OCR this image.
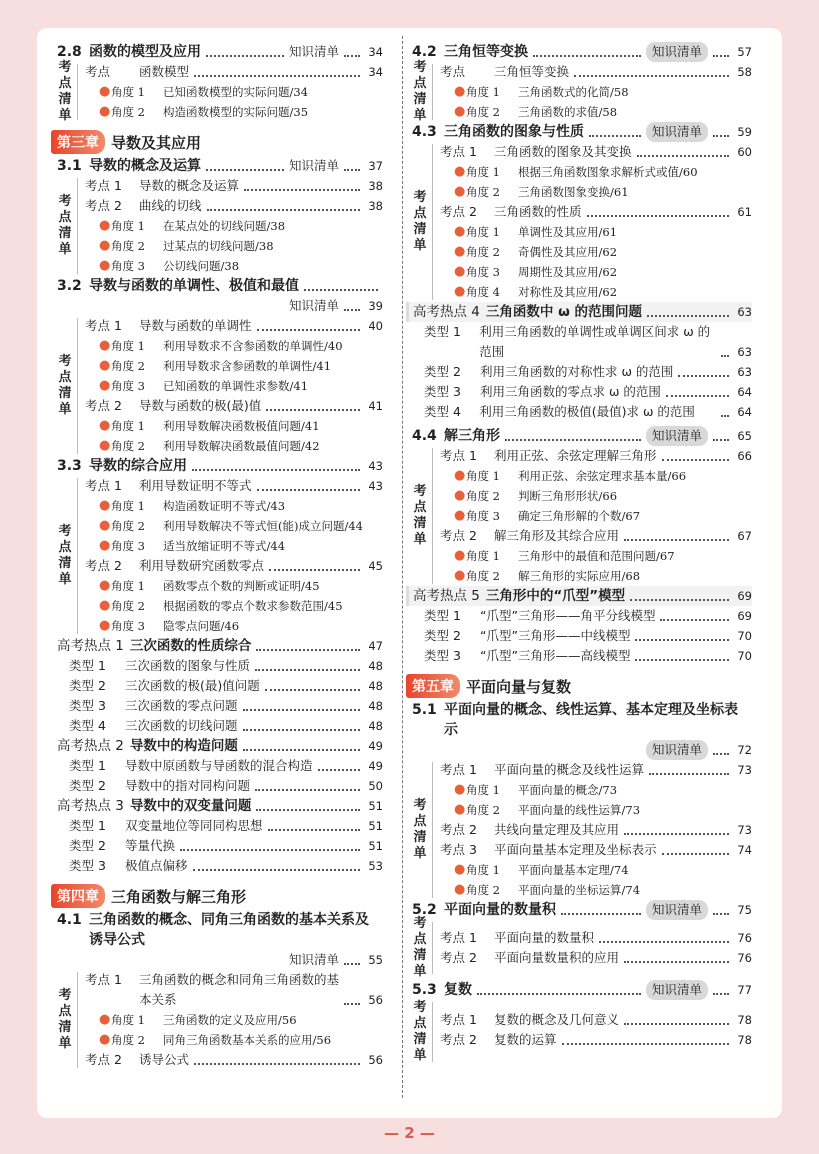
2.8 函数的模型及应用	知识清单	34
考点清单
考点	函数模型	34
● 角度 1	已知函数模型的实际问题/34
● 角度 2	构造函数模型的实际问题/35
第三章 导数及其应用
3.1 导数的概念及运算	知识清单	37
考点清单
考点 1	导数的概念及运算	38
考点 2	曲线的切线	38
● 角度 1	在某点处的切线问题/38
● 角度 2	过某点的切线问题/38
● 角度 3	公切线问题/38
3.2 导数与函数的单调性、极值和最值
知识清单	39
考点清单
考点 1	导数与函数的单调性	40
● 角度 1	利用导数求不含参函数的单调性/40
● 角度 2	利用导数求含参函数的单调性/41
● 角度 3	已知函数的单调性求参数/41
考点 2	导数与函数的极(最)值	41
● 角度 1	利用导数解决函数极值问题/41
● 角度 2	利用导数解决函数最值问题/42
3.3 导数的综合应用	43
考点清单
考点 1	利用导数证明不等式	43
● 角度 1	构造函数证明不等式/43
● 角度 2	利用导数解决不等式恒(能)成立问题/44
● 角度 3	适当放缩证明不等式/44
考点 2	利用导数研究函数零点	45
● 角度 1	函数零点个数的判断或证明/45
● 角度 2	根据函数的零点个数求参数范围/45
● 角度 3	隐零点问题/46
高考热点 1 三次函数的性质综合	47
类型 1	三次函数的图象与性质	48
类型 2	三次函数的极(最)值问题	48
类型 3	三次函数的零点问题	48
类型 4	三次函数的切线问题	48
高考热点 2 导数中的构造问题	49
类型 1	导数中原函数与导函数的混合构造	49
类型 2	导数中的指对同构问题	50
高考热点 3 导数中的双变量问题	51
类型 1	双变量地位等同同构思想	51
类型 2	等量代换	51
类型 3	极值点偏移	53
第四章 三角函数与解三角形
4.1 三角函数的概念、同角三角函数的基本关系及诱导公式
知识清单	55
考点清单
考点 1	三角函数的概念和同角三角函数的基本关系	56
● 角度 1	三角函数的定义及应用/56
● 角度 2	同角三角函数基本关系的应用/56
考点 2	诱导公式	56
4.2 三角恒等变换	知识清单	57
考点清单
考点	三角恒等变换	58
● 角度 1	三角函数式的化简/58
● 角度 2	三角函数的求值/58
4.3 三角函数的图象与性质	知识清单	59
考点清单
考点 1	三角函数的图象及其变换	60
● 角度 1	根据三角函数图象求解析式或值/60
● 角度 2	三角函数图象变换/61
考点 2	三角函数的性质	61
● 角度 1	单调性及其应用/61
● 角度 2	奇偶性及其应用/62
● 角度 3	周期性及其应用/62
● 角度 4	对称性及其应用/62
高考热点 4 三角函数中 ω 的范围问题	63
类型 1	利用三角函数的单调性或单调区间求 ω 的范围	63
类型 2	利用三角函数的对称性求 ω 的范围	63
类型 3	利用三角函数的零点求 ω 的范围	64
类型 4	利用三角函数的极值(最值)求 ω 的范围	64
4.4 解三角形	知识清单	65
考点清单
考点 1	利用正弦、余弦定理解三角形	66
● 角度 1	利用正弦、余弦定理求基本量/66
● 角度 2	判断三角形形状/66
● 角度 3	确定三角形解的个数/67
考点 2	解三角形及其综合应用	67
● 角度 1	三角形中的最值和范围问题/67
● 角度 2	解三角形的实际应用/68
高考热点 5 三角形中的“爪型”模型	69
类型 1	“爪型”三角形——角平分线模型	69
类型 2	“爪型”三角形——中线模型	70
类型 3	“爪型”三角形——高线模型	70
第五章 平面向量与复数
5.1 平面向量的概念、线性运算、基本定理及坐标表示
知识清单	72
考点清单
考点 1	平面向量的概念及线性运算	73
● 角度 1	平面向量的概念/73
● 角度 2	平面向量的线性运算/73
考点 2	共线向量定理及其应用	73
考点 3	平面向量基本定理及坐标表示	74
● 角度 1	平面向量基本定理/74
● 角度 2	平面向量的坐标运算/74
5.2 平面向量的数量积	知识清单	75
考点清单
考点 1	平面向量的数量积	76
考点 2	平面向量数量积的应用	76
5.3 复数	知识清单	77
考点清单
考点 1	复数的概念及几何意义	78
考点 2	复数的运算	78
— 2 —
